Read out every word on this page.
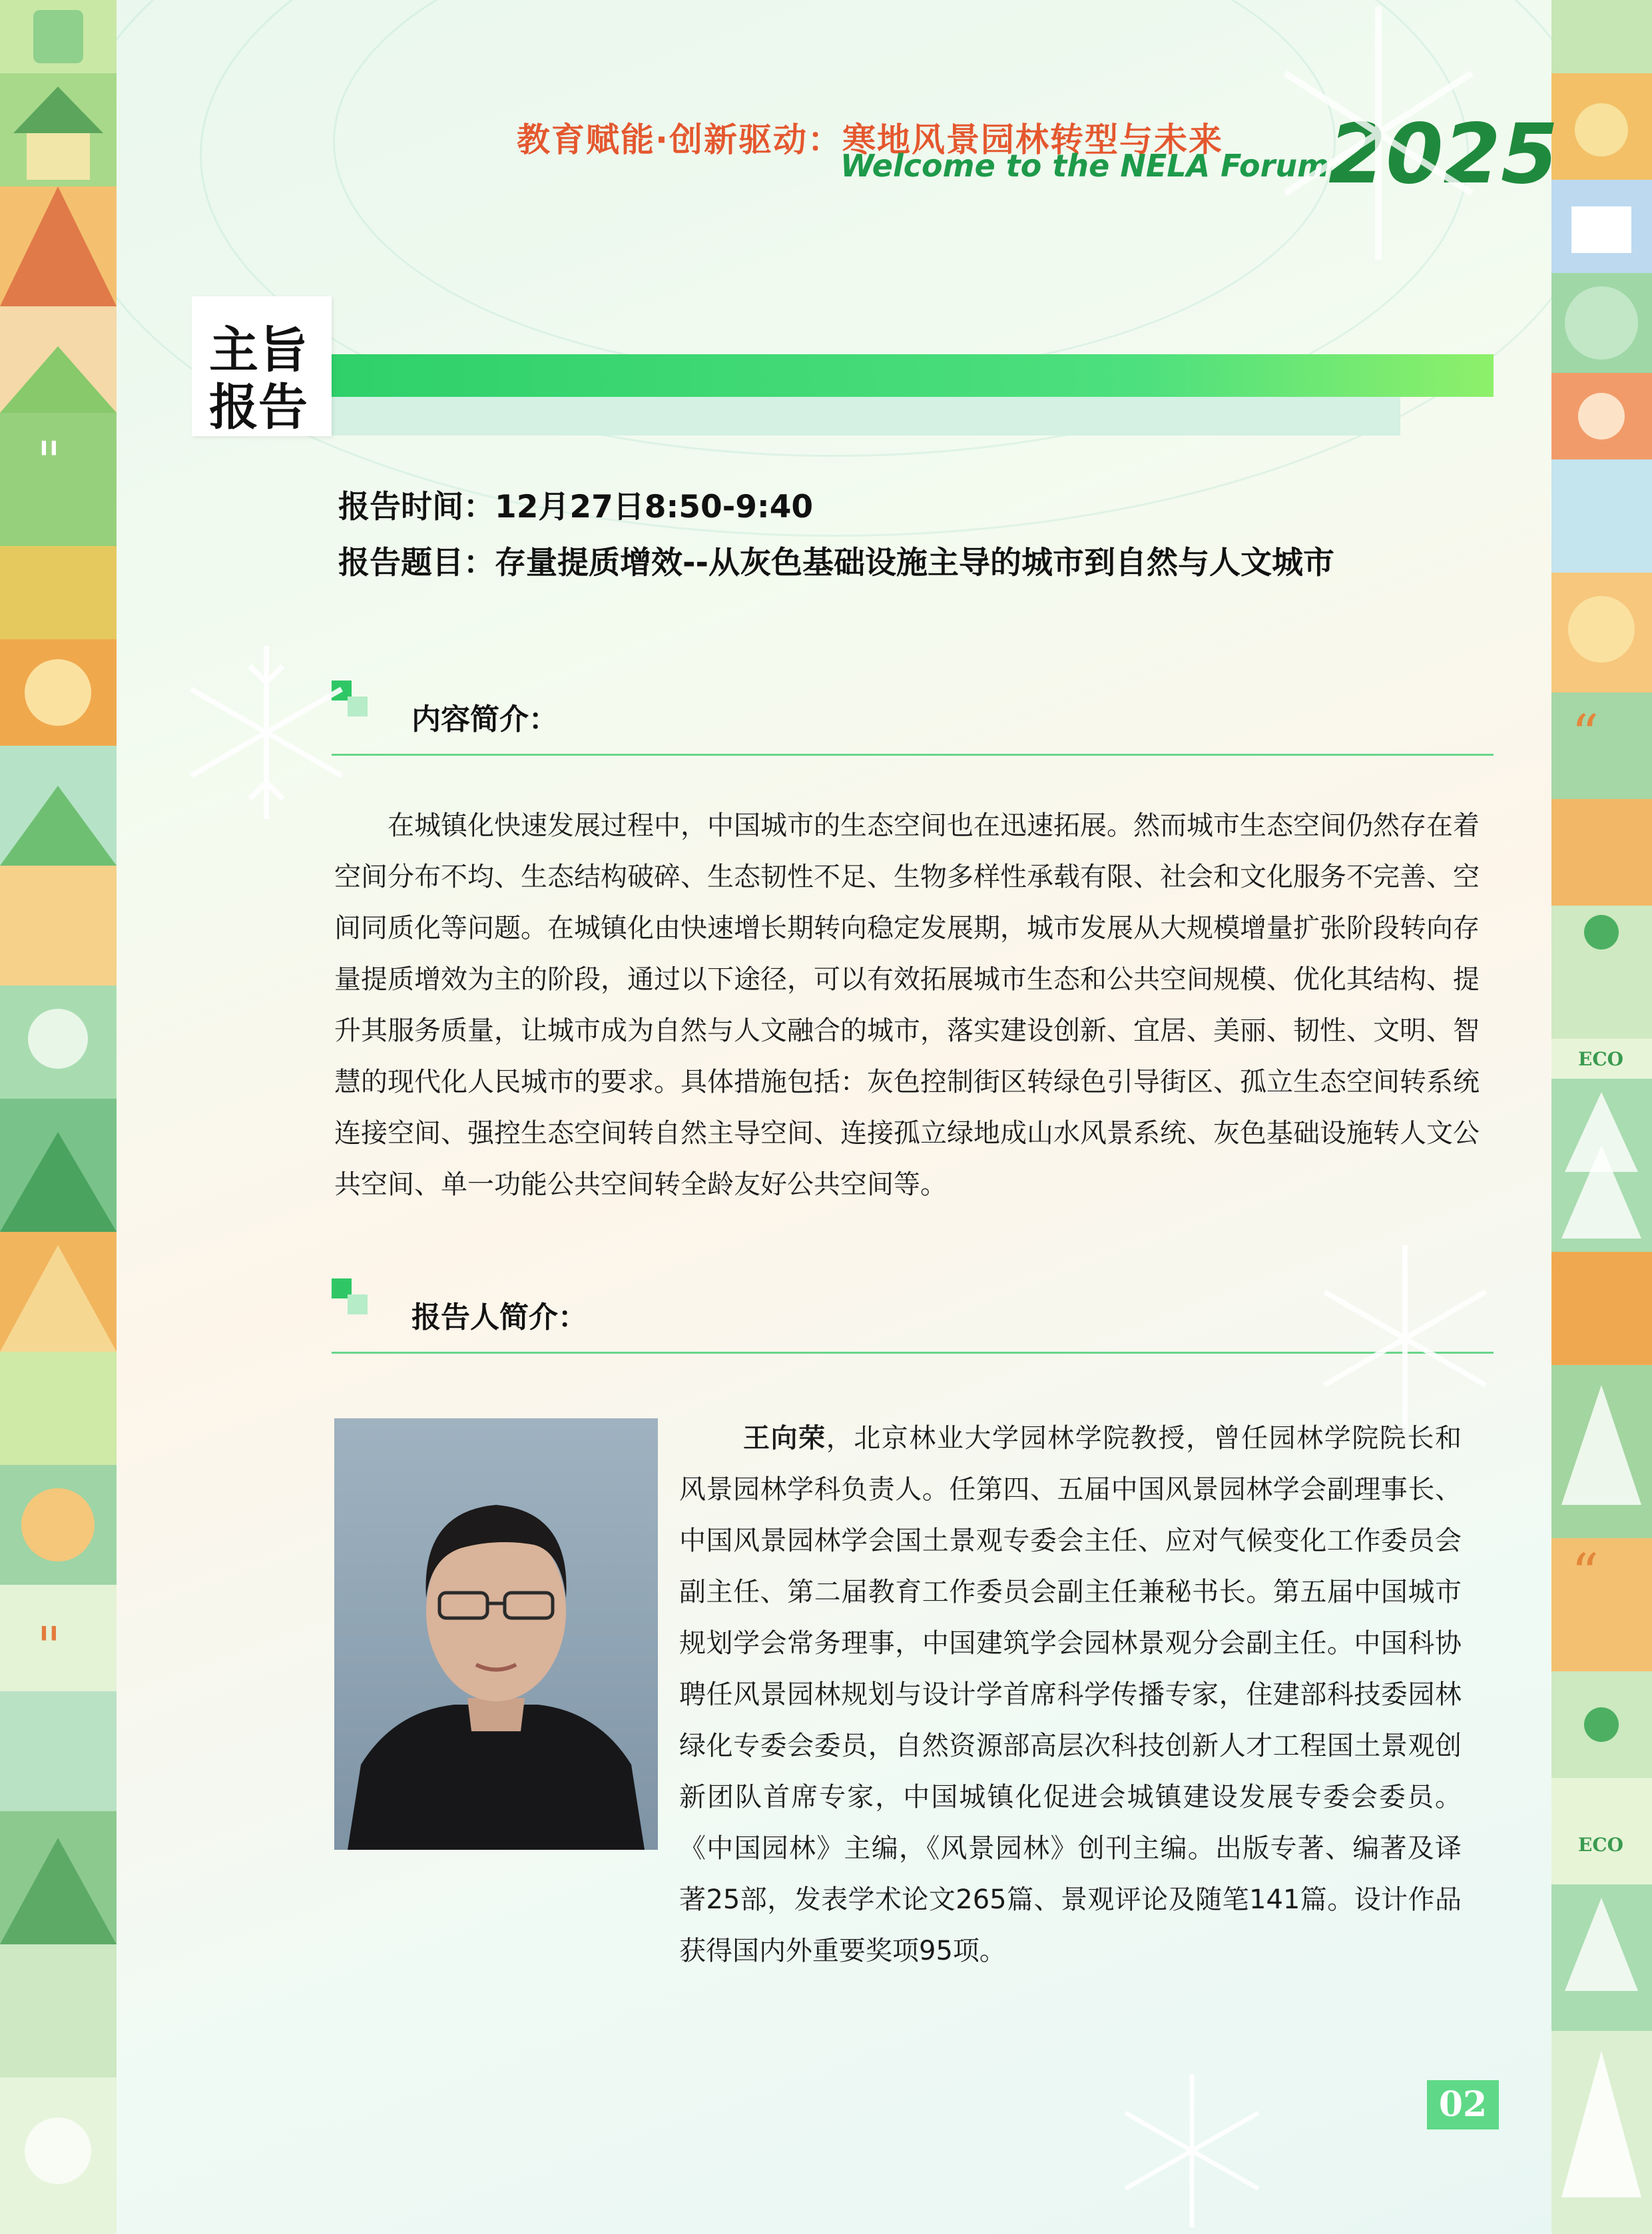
"
"
“
ECO
“
ECO
教育赋能·创新驱动：寒地风景园林转型与未来
Welcome to the NELA Forum
2025
主旨
报告
报告时间：12月27日8:50-9:40
报告题目：存量提质增效--从灰色基础设施主导的城市到自然与人文城市
内容简介：

在城镇化快速发展过程中，中国城市的生态空间也在迅速拓展。然而城市生态空间仍然存在着空间分布不均、生态结构破碎、生态韧性不足、生物多样性承载有限、社会和文化服务不完善、空间同质化等问题。在城镇化由快速增长期转向稳定发展期，城市发展从大规模增量扩张阶段转向存量提质增效为主的阶段，通过以下途径，可以有效拓展城市生态和公共空间规模、优化其结构、提升其服务质量，让城市成为自然与人文融合的城市，落实建设创新、宜居、美丽、韧性、文明、智慧的现代化人民城市的要求。具体措施包括：灰色控制街区转绿色引导街区、孤立生态空间转系统连接空间、强控生态空间转自然主导空间、连接孤立绿地成山水风景系统、灰色基础设施转人文公共空间、单一功能公共空间转全龄友好公共空间等。

报告人简介：

王向荣，北京林业大学园林学院教授，曾任园林学院院长和风景园林学科负责人。任第四、五届中国风景园林学会副理事长、中国风景园林学会国土景观专委会主任、应对气候变化工作委员会副主任、第二届教育工作委员会副主任兼秘书长。第五届中国城市规划学会常务理事，中国建筑学会园林景观分会副主任。中国科协聘任风景园林规划与设计学首席科学传播专家，住建部科技委园林绿化专委会委员，自然资源部高层次科技创新人才工程国土景观创新团队首席专家，中国城镇化促进会城镇建设发展专委会委员。《中国园林》主编，《风景园林》创刊主编。出版专著、编著及译著25部，发表学术论文265篇、景观评论及随笔141篇。设计作品获得国内外重要奖项95项。

02
